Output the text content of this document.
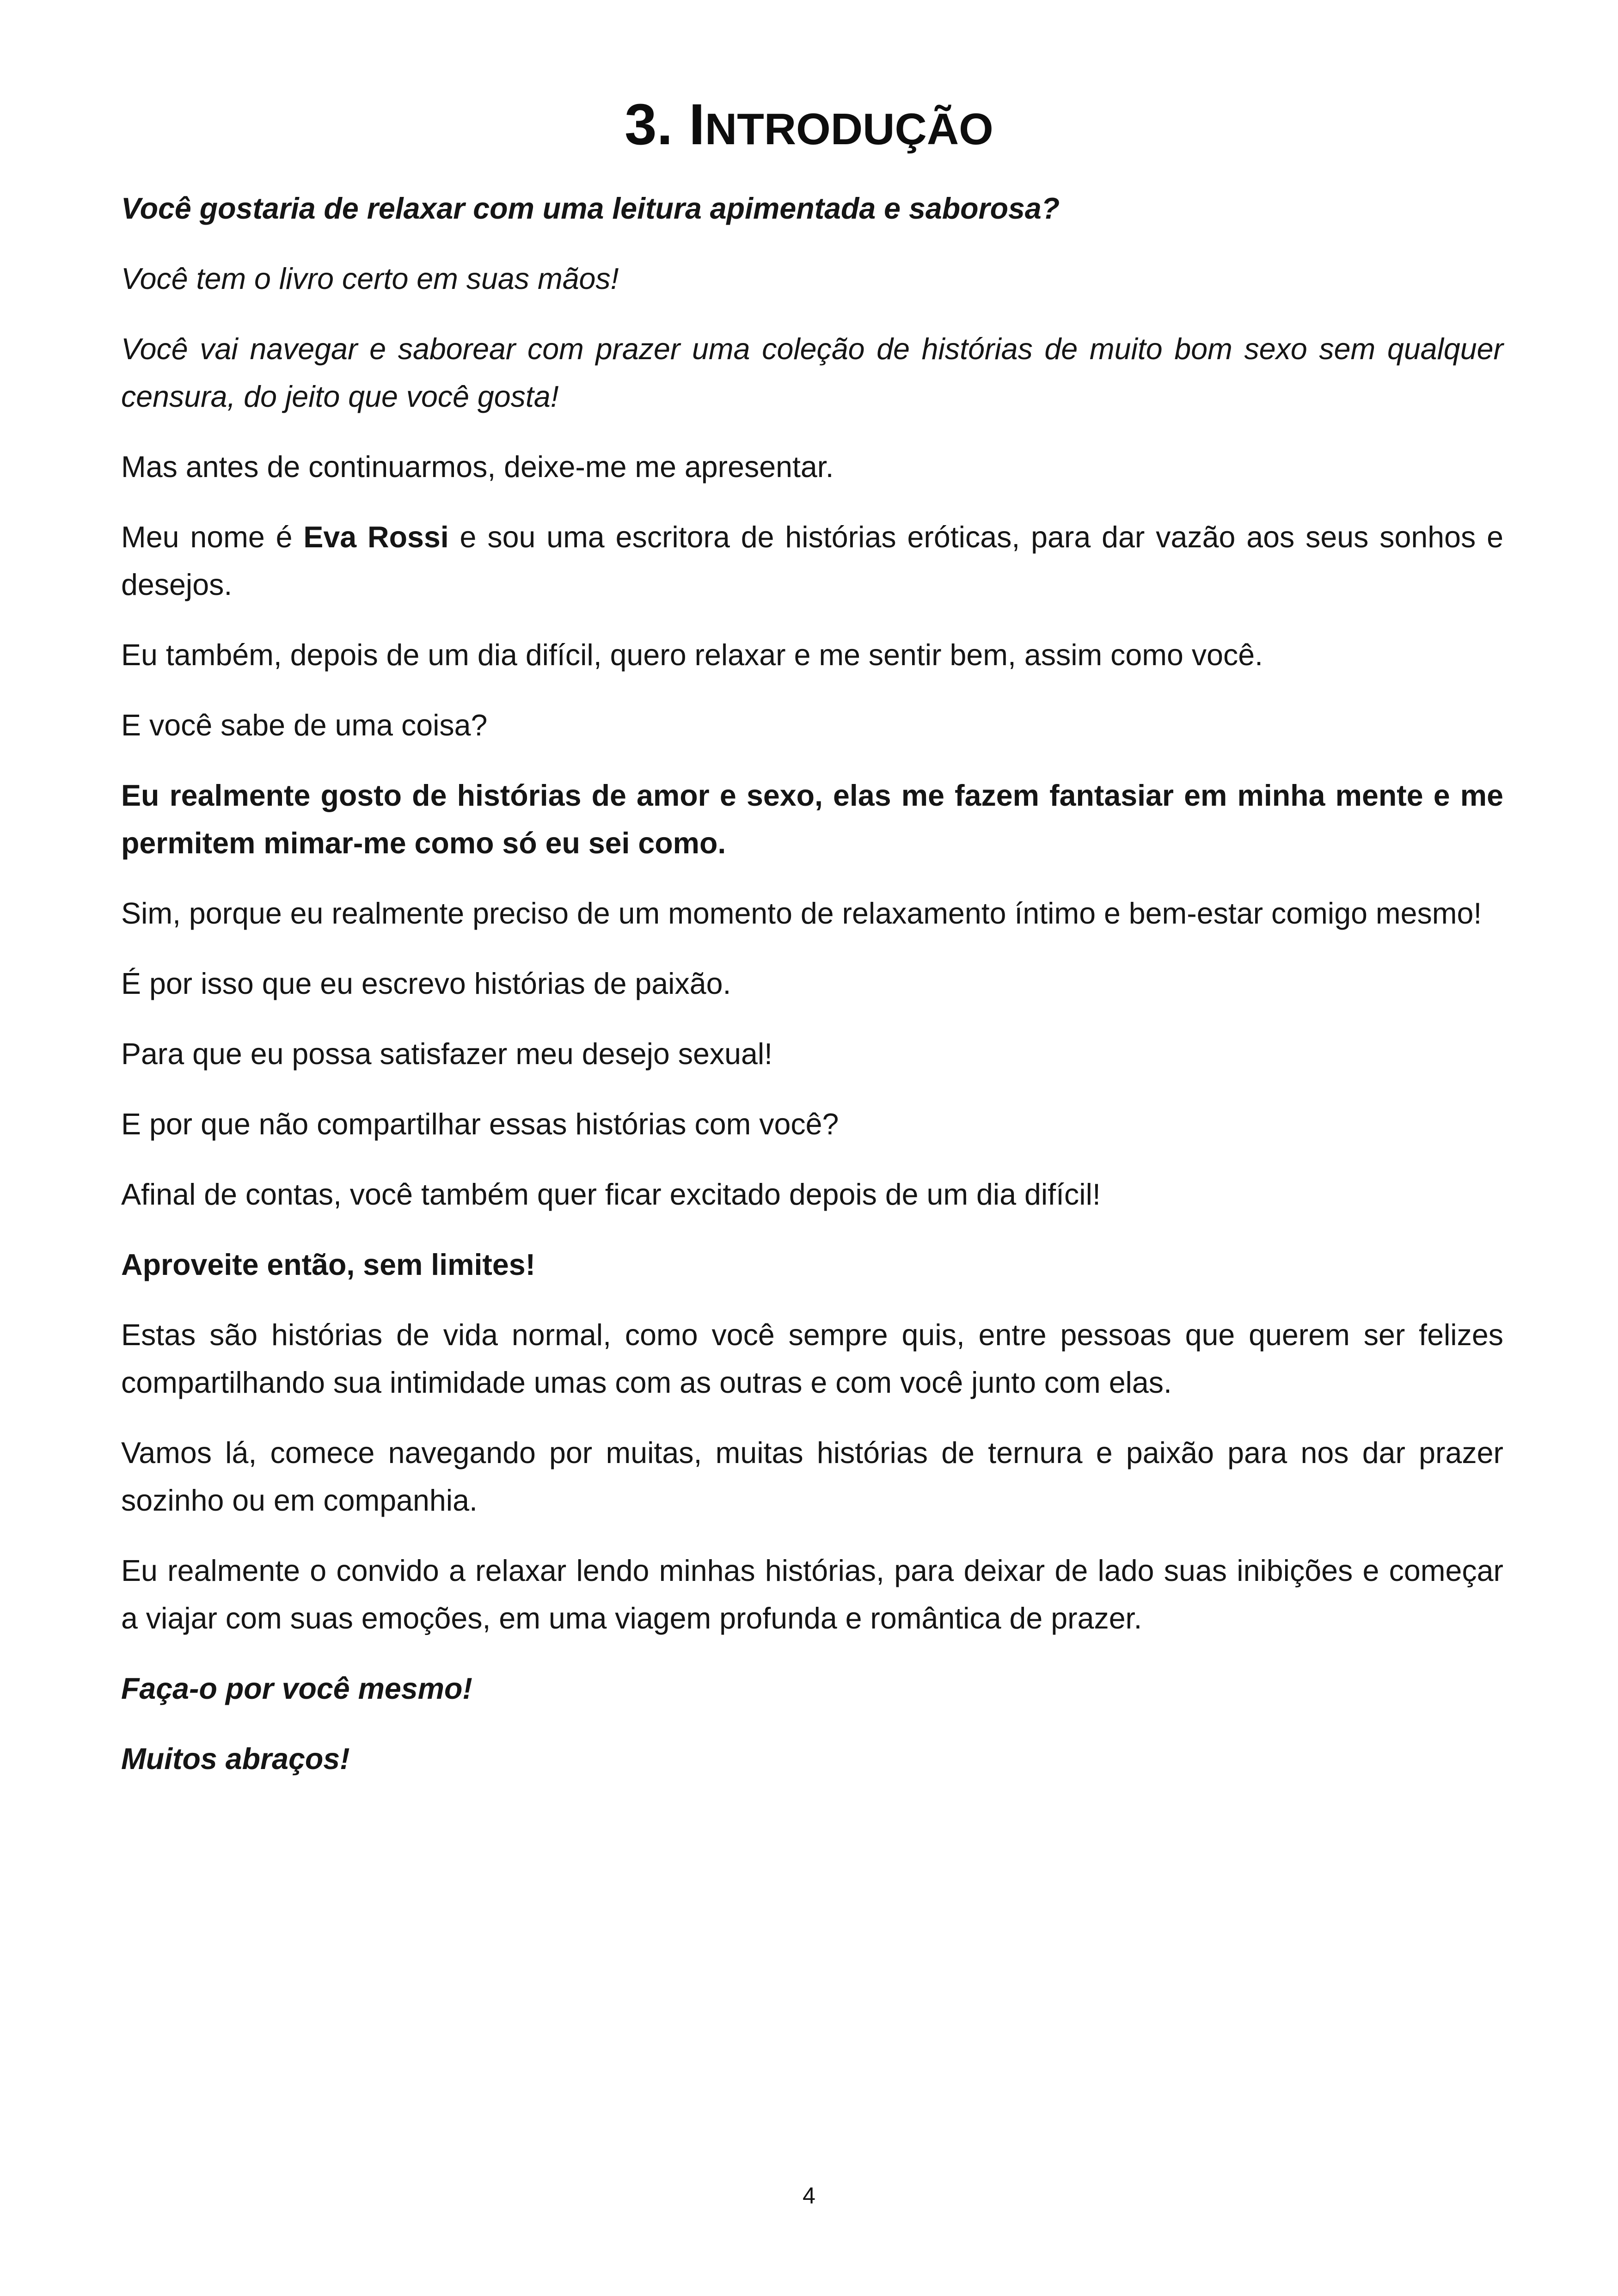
3. INTRODUÇÃO

Você gostaria de relaxar com uma leitura apimentada e saborosa?

Você tem o livro certo em suas mãos!

Você vai navegar e saborear com prazer uma coleção de histórias de muito bom sexo sem qualquer censura, do jeito que você gosta!

Mas antes de continuarmos, deixe-me me apresentar.

Meu nome é Eva Rossi e sou uma escritora de histórias eróticas, para dar vazão aos seus sonhos e desejos.

Eu também, depois de um dia difícil, quero relaxar e me sentir bem, assim como você.

E você sabe de uma coisa?

Eu realmente gosto de histórias de amor e sexo, elas me fazem fantasiar em minha mente e me permitem mimar-me como só eu sei como.

Sim, porque eu realmente preciso de um momento de relaxamento íntimo e bem-estar comigo mesmo!

É por isso que eu escrevo histórias de paixão.

Para que eu possa satisfazer meu desejo sexual!

E por que não compartilhar essas histórias com você?

Afinal de contas, você também quer ficar excitado depois de um dia difícil!

Aproveite então, sem limites!

Estas são histórias de vida normal, como você sempre quis, entre pessoas que querem ser felizes compartilhando sua intimidade umas com as outras e com você junto com elas.

Vamos lá, comece navegando por muitas, muitas histórias de ternura e paixão para nos dar prazer sozinho ou em companhia.

Eu realmente o convido a relaxar lendo minhas histórias, para deixar de lado suas inibições e começar a viajar com suas emoções, em uma viagem profunda e romântica de prazer.

Faça-o por você mesmo!

Muitos abraços!

4
